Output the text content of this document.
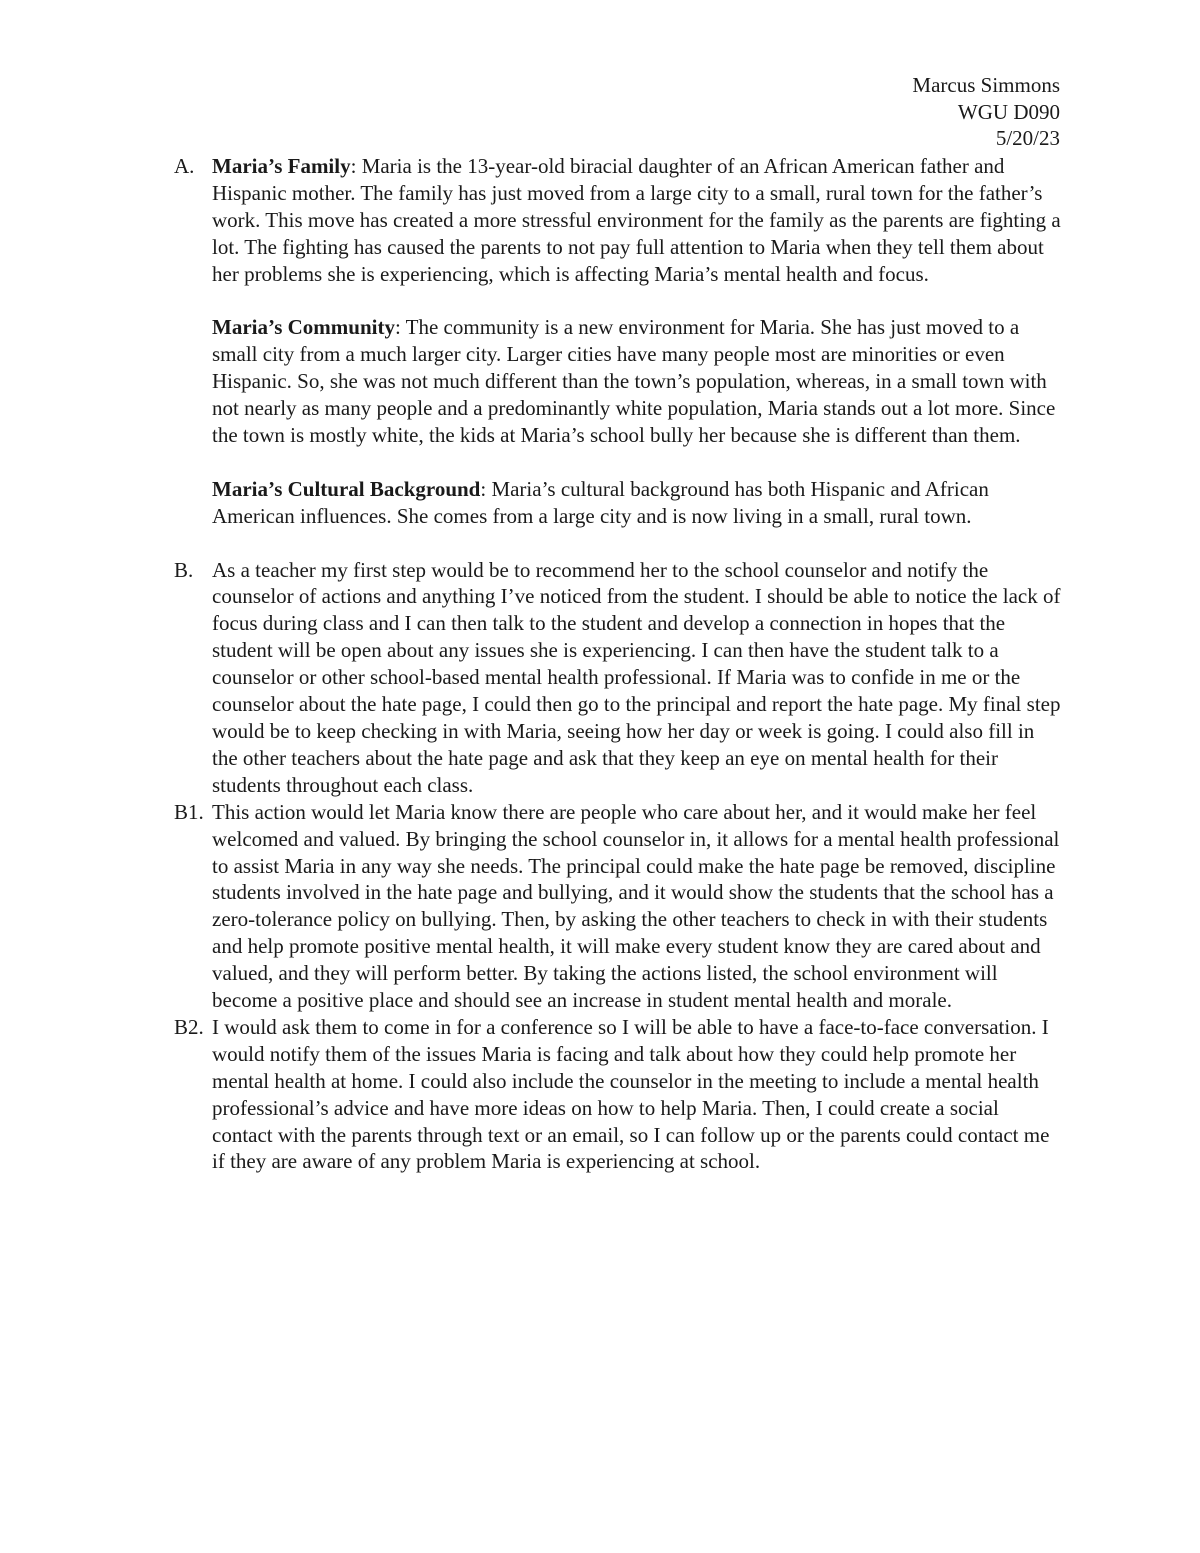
Marcus Simmons
WGU D090
5/20/23
A. Maria’s Family: Maria is the 13-year-old biracial daughter of an African American father and Hispanic mother. The family has just moved from a large city to a small, rural town for the father’s work. This move has created a more stressful environment for the family as the parents are fighting a lot. The fighting has caused the parents to not pay full attention to Maria when they tell them about her problems she is experiencing, which is affecting Maria’s mental health and focus.

Maria’s Community: The community is a new environment for Maria. She has just moved to a small city from a much larger city. Larger cities have many people most are minorities or even Hispanic. So, she was not much different than the town’s population, whereas, in a small town with not nearly as many people and a predominantly white population, Maria stands out a lot more. Since the town is mostly white, the kids at Maria’s school bully her because she is different than them.

Maria’s Cultural Background: Maria’s cultural background has both Hispanic and African American influences. She comes from a large city and is now living in a small, rural town.

B. As a teacher my first step would be to recommend her to the school counselor and notify the counselor of actions and anything I’ve noticed from the student. I should be able to notice the lack of focus during class and I can then talk to the student and develop a connection in hopes that the student will be open about any issues she is experiencing. I can then have the student talk to a counselor or other school-based mental health professional. If Maria was to confide in me or the counselor about the hate page, I could then go to the principal and report the hate page. My final step would be to keep checking in with Maria, seeing how her day or week is going. I could also fill in the other teachers about the hate page and ask that they keep an eye on mental health for their students throughout each class.

B1. This action would let Maria know there are people who care about her, and it would make her feel welcomed and valued. By bringing the school counselor in, it allows for a mental health professional to assist Maria in any way she needs. The principal could make the hate page be removed, discipline students involved in the hate page and bullying, and it would show the students that the school has a zero-tolerance policy on bullying. Then, by asking the other teachers to check in with their students and help promote positive mental health, it will make every student know they are cared about and valued, and they will perform better. By taking the actions listed, the school environment will become a positive place and should see an increase in student mental health and morale.

B2. I would ask them to come in for a conference so I will be able to have a face-to-face conversation. I would notify them of the issues Maria is facing and talk about how they could help promote her mental health at home. I could also include the counselor in the meeting to include a mental health professional’s advice and have more ideas on how to help Maria. Then, I could create a social contact with the parents through text or an email, so I can follow up or the parents could contact me if they are aware of any problem Maria is experiencing at school.
